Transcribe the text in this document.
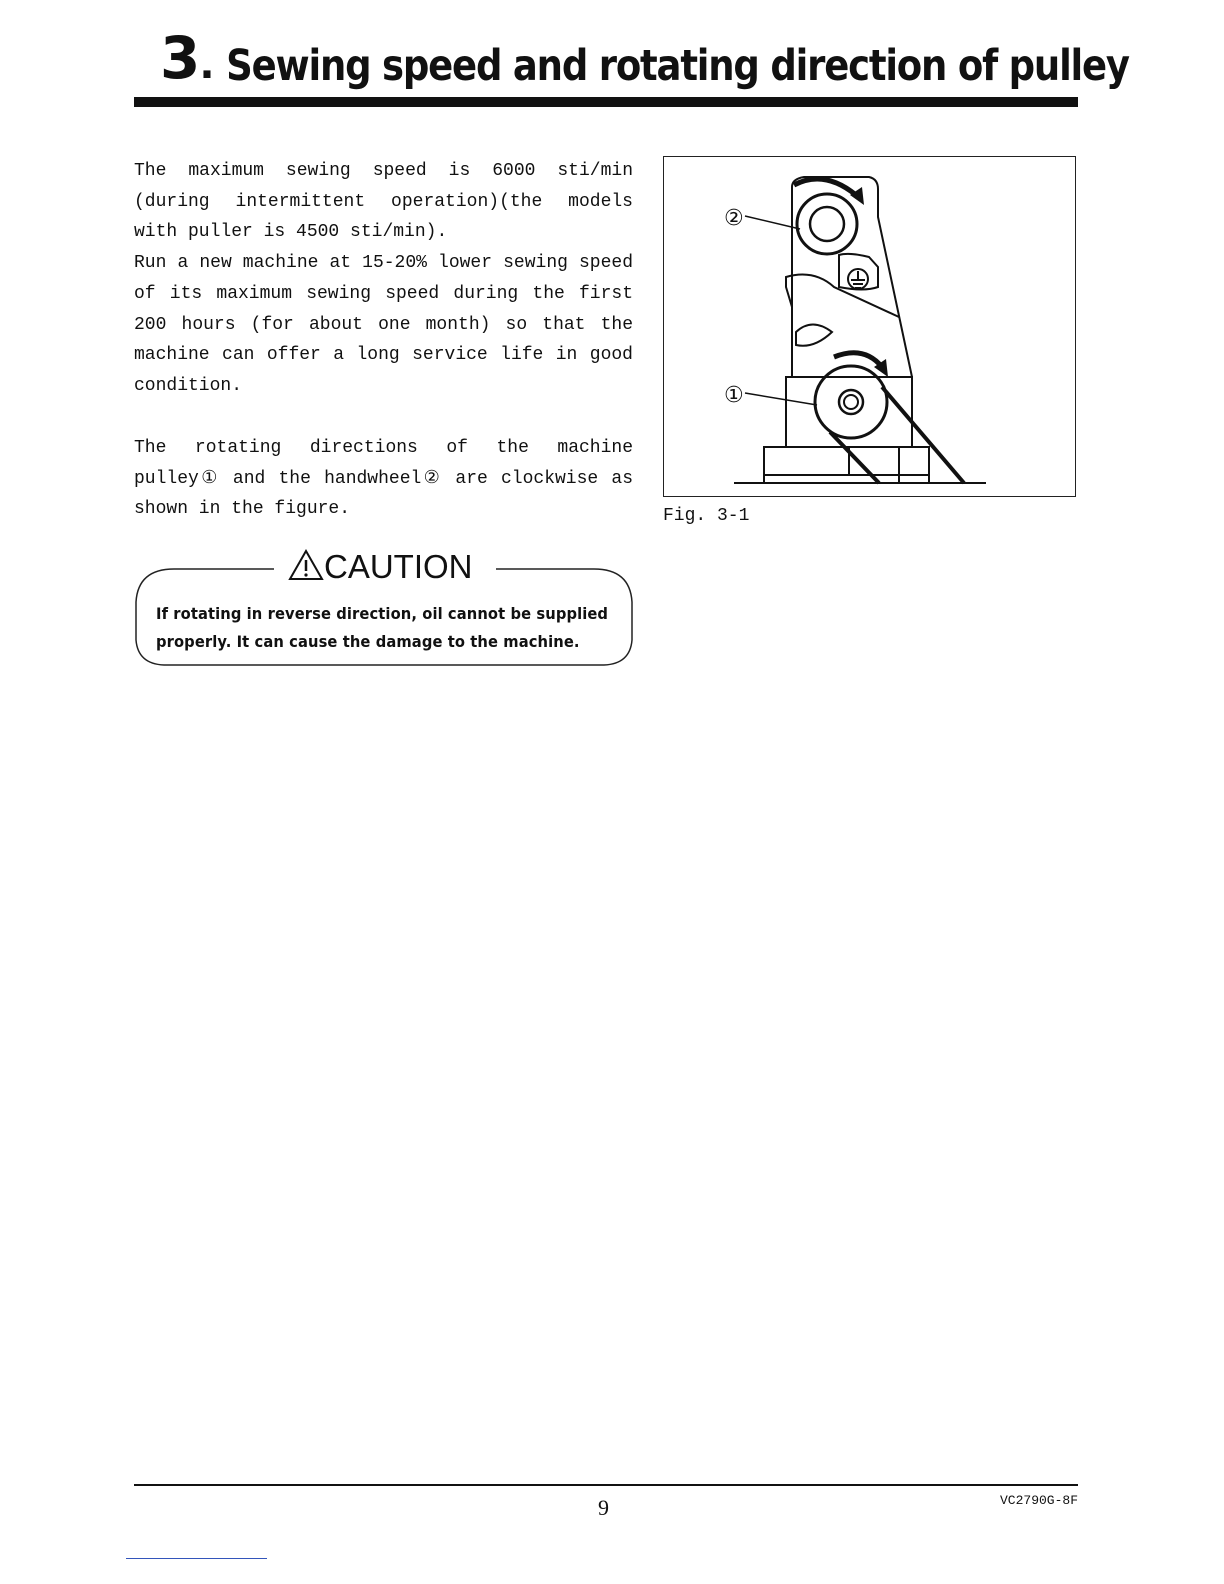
3. Sewing speed and rotating direction of pulley

The maximum sewing speed is 6000 sti/min (during intermittent operation)(the models with puller is 4500 sti/min).
Run a new machine at 15-20% lower sewing speed of its maximum sewing speed during the first 200 hours (for about one month) so that the machine can offer a long service life in good condition.

The rotating directions of the machine pulley① and the handwheel② are clockwise as shown in the figure.

②
①
Fig. 3-1
CAUTION
If rotating in reverse direction, oil cannot be supplied
properly. It can cause the damage to the machine.
9	VC2790G-8F
